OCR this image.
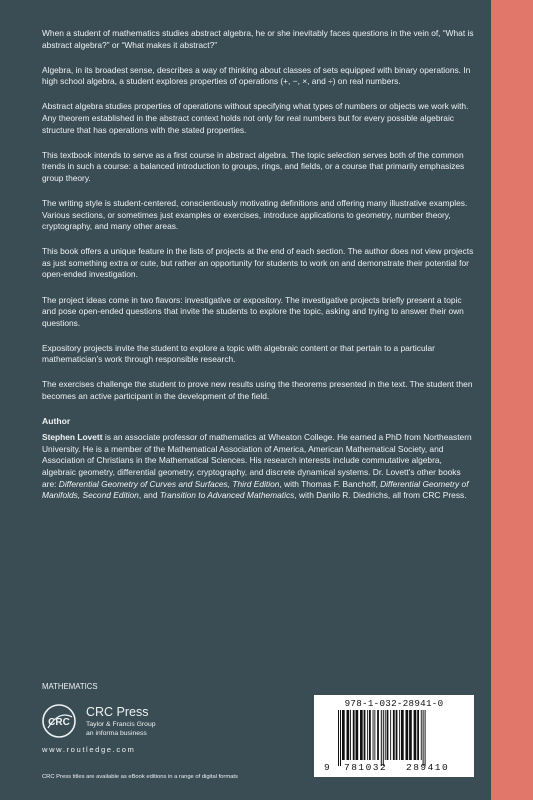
When a student of mathematics studies abstract algebra, he or she inevitably faces questions in the vein of, “What is abstract algebra?” or “What makes it abstract?”

Algebra, in its broadest sense, describes a way of thinking about classes of sets equipped with binary operations. In high school algebra, a student explores properties of operations (+, −, ×, and ÷) on real numbers.

Abstract algebra studies properties of operations without specifying what types of numbers or objects we work with. Any theorem established in the abstract context holds not only for real numbers but for every possible algebraic structure that has operations with the stated properties.

This textbook intends to serve as a first course in abstract algebra. The topic selection serves both of the common trends in such a course: a balanced introduction to groups, rings, and fields, or a course that primarily emphasizes group theory.

The writing style is student-centered, conscientiously motivating definitions and offering many illustrative examples. Various sections, or sometimes just examples or exercises, introduce applications to geometry, number theory, cryptography, and many other areas.

This book offers a unique feature in the lists of projects at the end of each section. The author does not view projects as just something extra or cute, but rather an opportunity for students to work on and demonstrate their potential for open-ended investigation.

The project ideas come in two flavors: investigative or expository. The investigative projects briefly present a topic and pose open-ended questions that invite the students to explore the topic, asking and trying to answer their own questions.

Expository projects invite the student to explore a topic with algebraic content or that pertain to a particular mathematician’s work through responsible research.

The exercises challenge the student to prove new results using the theorems presented in the text. The student then becomes an active participant in the development of the field.

Author

Stephen Lovett is an associate professor of mathematics at Wheaton College. He earned a PhD from Northeastern University. He is a member of the Mathematical Association of America, American Mathematical Society, and Association of Christians in the Mathematical Sciences. His research interests include commutative algebra, algebraic geometry, differential geometry, cryptography, and discrete dynamical systems. Dr. Lovett’s other books are: Differential Geometry of Curves and Surfaces, Third Edition, with Thomas F. Banchoff, Differential Geometry of Manifolds, Second Edition, and Transition to Advanced Mathematics, with Danilo R. Diedrichs, all from CRC Press.

MATHEMATICS
CRC
CRC Press
Taylor & Francis Group
an informa business
www.routledge.com
CRC Press titles are available as eBook editions in a range of digital formats
978-1-032-28941-0
9 781032 289410
